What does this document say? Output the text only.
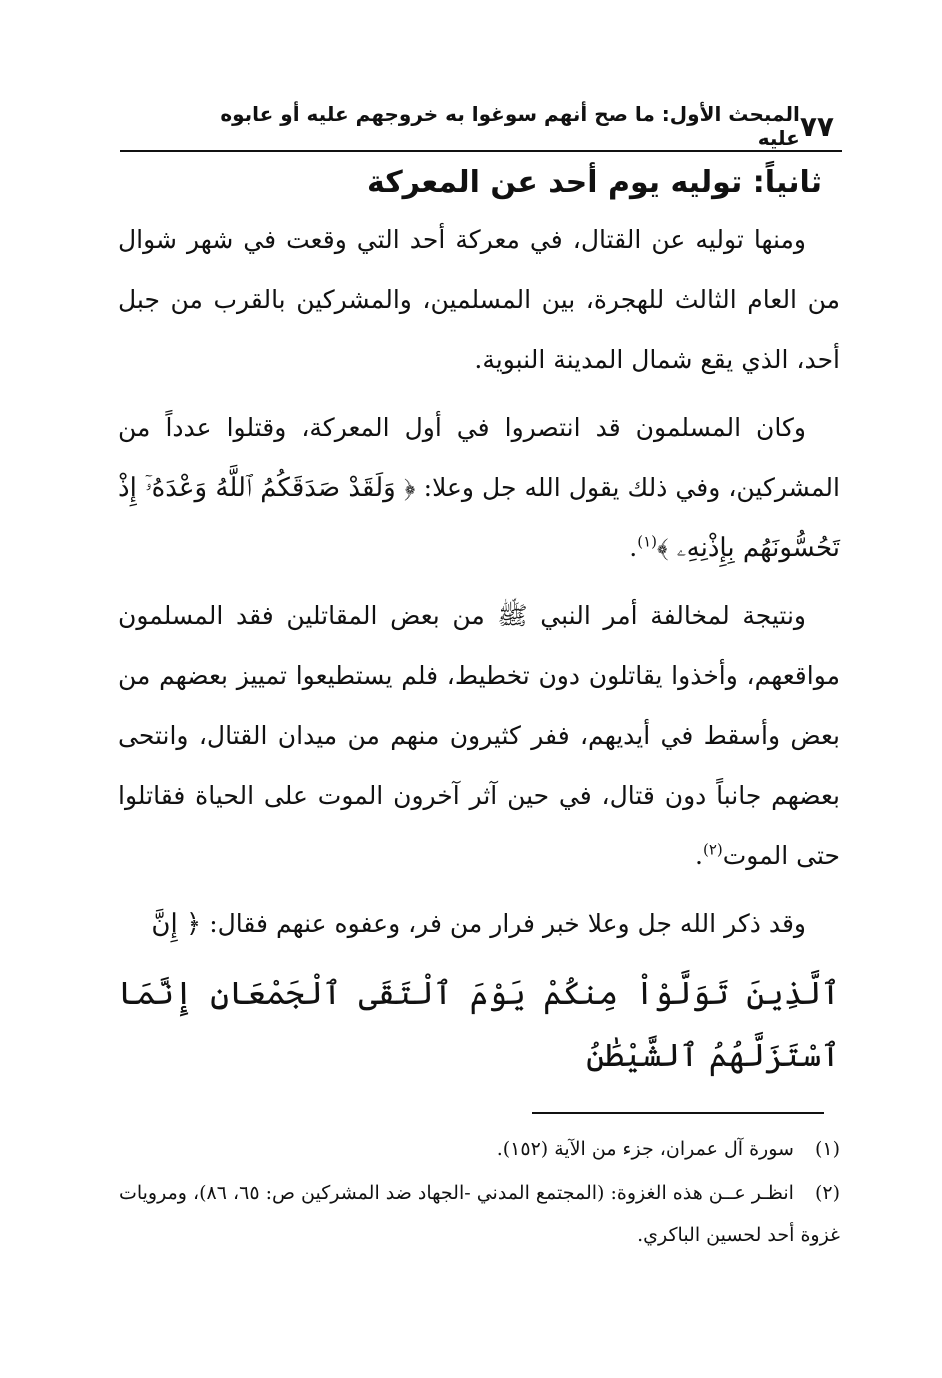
٧٧
المبحث الأول: ما صح أنهم سوغوا به خروجهم عليه أو عابوه عليه
ثانياً: توليه يوم أحد عن المعركة

ومنها توليه عن القتال، في معركة أحد التي وقعت في شهر شوال من العام الثالث للهجرة، بين المسلمين، والمشركين بالقرب من جبل أحد، الذي يقع شمال المدينة النبوية.

وكان المسلمون قد انتصروا في أول المعركة، وقتلوا عدداً من المشركين، وفي ذلك يقول الله جل وعلا: ﴿ وَلَقَدْ صَدَقَكُمُ ٱللَّهُ وَعْدَهُۥٓ إِذْ تَحُسُّونَهُم بِإِذْنِهِۦ ﴾$^{(١)}$.

ونتيجة لمخالفة أمر النبي ﷺ من بعض المقاتلين فقد المسلمون مواقعهم، وأخذوا يقاتلون دون تخطيط، فلم يستطيعوا تمييز بعضهم من بعض وأسقط في أيديهم، ففر كثيرون منهم من ميدان القتال، وانتحى بعضهم جانباً دون قتال، في حين آثر آخرون الموت على الحياة فقاتلوا حتى الموت$^{(٢)}$.

وقد ذكر الله جل وعلا خبر فرار من فر، وعفوه عنهم فقال: ﴿ إِنَّ

ٱلَّذِينَ تَوَلَّوْاْ مِنكُمْ يَوْمَ ٱلْتَقَى ٱلْجَمْعَانِ إِنَّمَا ٱسْتَزَلَّهُمُ ٱلشَّيْطَٰنُ

(١) سورة آل عمران، جزء من الآية (١٥٢).

(٢) انظـر عــن هذه الغزوة: (المجتمع المدني -الجهاد ضد المشركين ص: ٦٥، ٨٦)، ومرويات غزوة أحد لحسين الباكري.
